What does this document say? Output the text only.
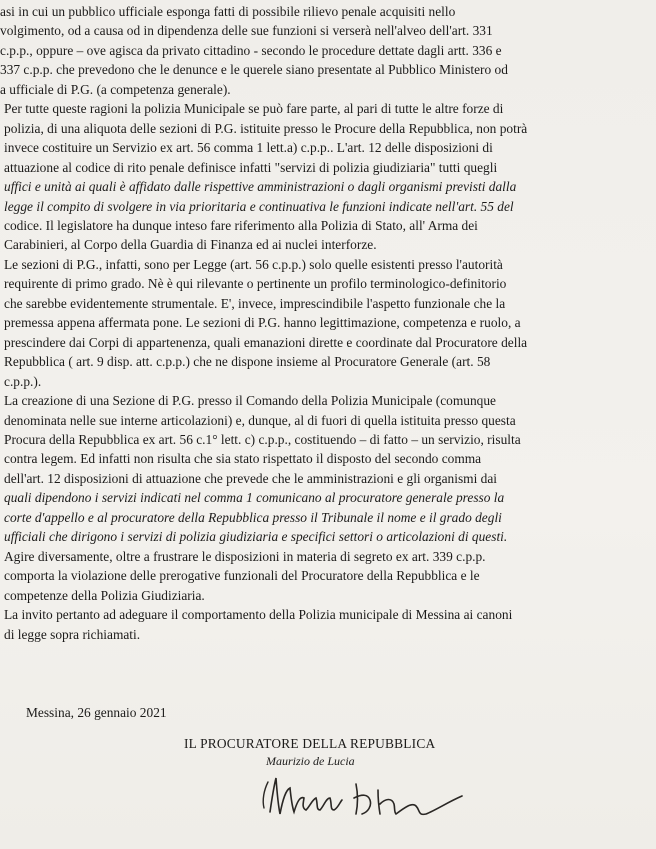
asi in cui un pubblico ufficiale esponga fatti di possibile rilievo penale acquisiti nello
volgimento, od a causa od in dipendenza delle sue funzioni si verserà nell'alveo dell'art. 331
c.p.p., oppure – ove agisca da privato cittadino - secondo le procedure dettate dagli artt. 336 e
337 c.p.p. che prevedono che le denunce e le querele siano presentate al Pubblico Ministero od
a ufficiale di P.G. (a competenza generale).
Per tutte queste ragioni la polizia Municipale se può fare parte, al pari di tutte le altre forze di
polizia, di una aliquota delle sezioni di P.G. istituite presso le Procure della Repubblica, non potrà
invece costituire un Servizio ex art. 56 comma 1 lett.a) c.p.p.. L'art. 12 delle disposizioni di
attuazione al codice di rito penale definisce infatti "servizi di polizia giudiziaria" tutti quegli
uffici e unità ai quali è affidato dalle rispettive amministrazioni o dagli organismi previsti dalla
legge il compito di svolgere in via prioritaria e continuativa le funzioni indicate nell'art. 55 del
codice. Il legislatore ha dunque inteso fare riferimento alla Polizia di Stato, all' Arma dei
Carabinieri, al Corpo della Guardia di Finanza ed ai nuclei interforze.
Le sezioni di P.G., infatti, sono per Legge (art. 56 c.p.p.) solo quelle esistenti presso l'autorità
requirente di primo grado. Nè è qui rilevante o pertinente un profilo terminologico-definitorio
che sarebbe evidentemente strumentale. E', invece, imprescindibile l'aspetto funzionale che la
premessa appena affermata pone. Le sezioni di P.G. hanno legittimazione, competenza e ruolo, a
prescindere dai Corpi di appartenenza, quali emanazioni dirette e coordinate dal Procuratore della
Repubblica ( art. 9 disp. att. c.p.p.) che ne dispone insieme al Procuratore Generale (art. 58
c.p.p.).
La creazione di una Sezione di P.G. presso il Comando della Polizia Municipale (comunque
denominata nelle sue interne articolazioni) e, dunque, al di fuori di quella istituita presso questa
Procura della Repubblica ex art. 56 c.1° lett. c) c.p.p., costituendo – di fatto – un servizio, risulta
contra legem. Ed infatti non risulta che sia stato rispettato il disposto del secondo comma
dell'art. 12 disposizioni di attuazione che prevede che le amministrazioni e gli organismi dai
quali dipendono i servizi indicati nel comma 1 comunicano al procuratore generale presso la
corte d'appello e al procuratore della Repubblica presso il Tribunale il nome e il grado degli
ufficiali che dirigono i servizi di polizia giudiziaria e specifici settori o articolazioni di questi.
Agire diversamente, oltre a frustrare le disposizioni in materia di segreto ex art. 339 c.p.p.
comporta la violazione delle prerogative funzionali del Procuratore della Repubblica e le
competenze della Polizia Giudiziaria.
La invito pertanto ad adeguare il comportamento della Polizia municipale di Messina ai canoni
di legge sopra richiamati.
Messina, 26 gennaio 2021
IL PROCURATORE DELLA REPUBBLICA
Maurizio de Lucia
